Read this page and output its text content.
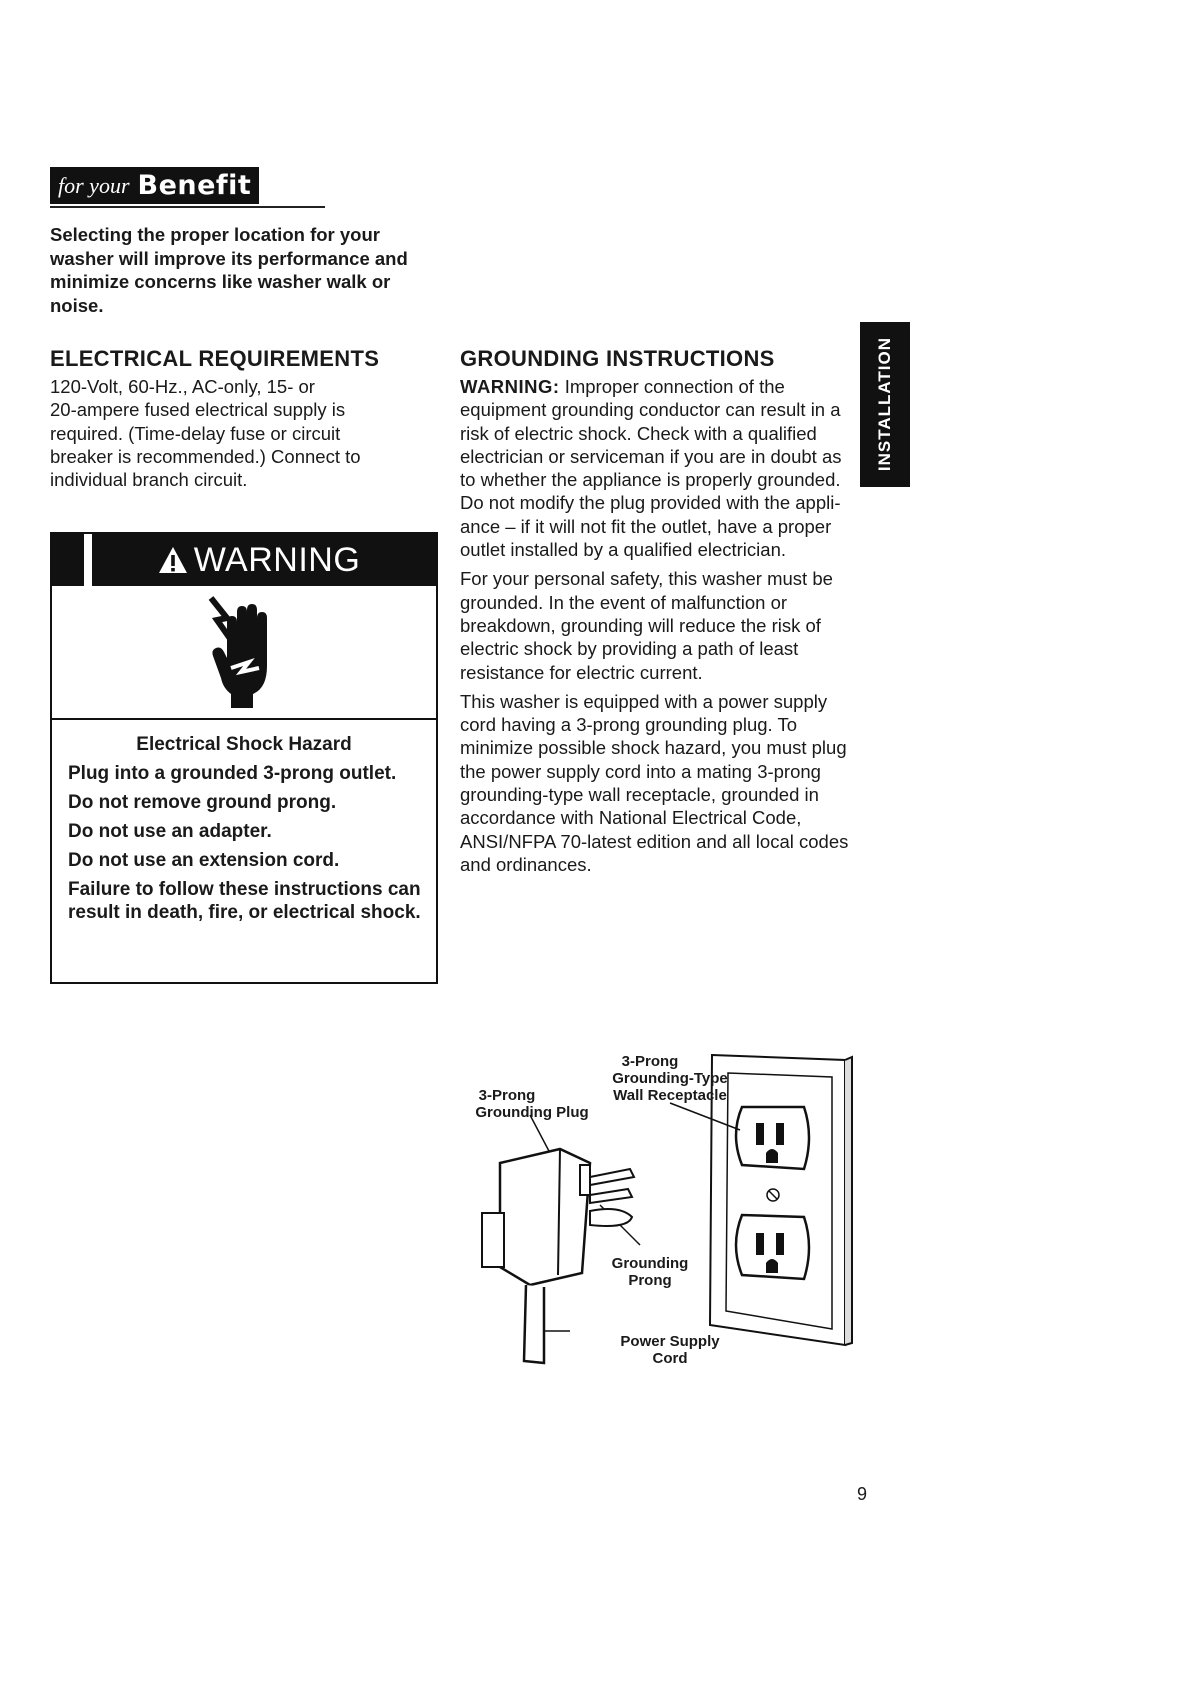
for your Benefit

Selecting the proper location for your washer will improve its performance and minimize concerns like washer walk or noise.

ELECTRICAL REQUIREMENTS

120-Volt, 60-Hz., AC-only, 15- or

20-ampere fused electrical supply is

required. (Time-delay fuse or circuit

breaker is recommended.) Connect to

individual branch circuit.

WARNING
Electrical Shock Hazard
Plug into a grounded 3-prong outlet.
Do not remove ground prong.
Do not use an adapter.
Do not use an extension cord.
Failure to follow these instructions can result in death, fire, or electrical shock.
GROUNDING INSTRUCTIONS

WARNING: Improper connection of the equipment grounding conductor can result in a risk of electric shock. Check with a qualified electrician or serviceman if you are in doubt as to whether the appliance is properly grounded. Do not modify the plug provided with the appli-ance – if it will not fit the outlet, have a proper outlet installed by a qualified electrician.

For your personal safety, this washer must be grounded. In the event of malfunction or breakdown, grounding will reduce the risk of electric shock by providing a path of least resistance for electric current.

This washer is equipped with a power supply cord having a 3-prong grounding plug. To minimize possible shock hazard, you must plug the power supply cord into a mating 3-prong grounding-type wall receptacle, grounded in accordance with National Electrical Code, ANSI/NFPA 70-latest edition and all local codes and ordinances.

INSTALLATION
3-Prong
Grounding-Type
Wall Receptacle
3-Prong
Grounding Plug
Grounding
Prong
Power Supply
Cord
9
